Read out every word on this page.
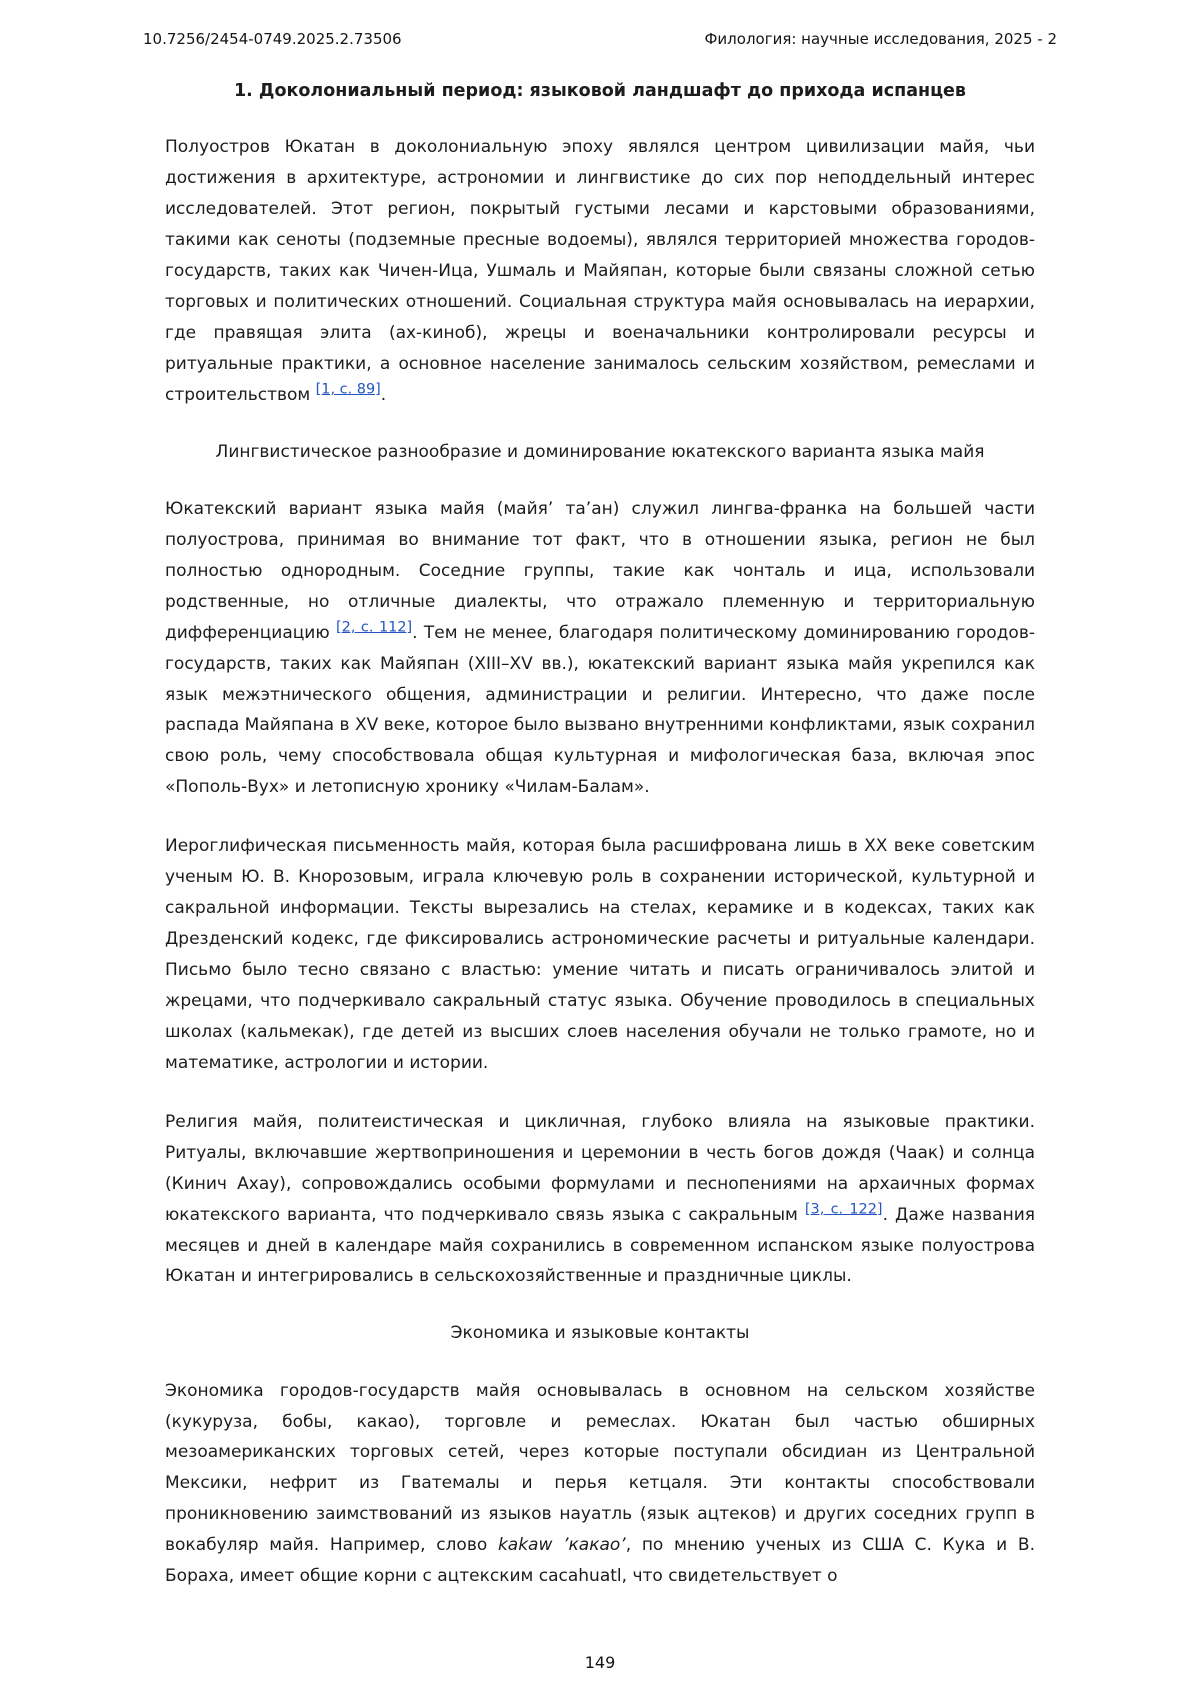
10.7256/2454-0749.2025.2.73506	Филология: научные исследования, 2025 - 2
1. Доколониальный период: языковой ландшафт до прихода испанцев

Полуостров Юкатан в доколониальную эпоху являлся центром цивилизации майя, чьи достижения в архитектуре, астрономии и лингвистике до сих пор неподдельный интерес исследователей. Этот регион, покрытый густыми лесами и карстовыми образованиями, такими как сеноты (подземные пресные водоемы), являлся территорией множества городов-государств, таких как Чичен-Ица, Ушмаль и Майяпан, которые были связаны сложной сетью торговых и политических отношений. Социальная структура майя основывалась на иерархии, где правящая элита (ах-киноб), жрецы и военачальники контролировали ресурсы и ритуальные практики, а основное население занималось сельским хозяйством, ремеслами и строительством [1, с. 89].

Лингвистическое разнообразие и доминирование юкатекского варианта языка майя

Юкатекский вариант языка майя (майя’ та’ан) служил лингва-франка на большей части полуострова, принимая во внимание тот факт, что в отношении языка, регион не был полностью однородным. Соседние группы, такие как чонталь и ица, использовали родственные, но отличные диалекты, что отражало племенную и территориальную дифференциацию [2, с. 112]. Тем не менее, благодаря политическому доминированию городов-государств, таких как Майяпан (XIII–XV вв.), юкатекский вариант языка майя укрепился как язык межэтнического общения, администрации и религии. Интересно, что даже после распада Майяпана в XV веке, которое было вызвано внутренними конфликтами, язык сохранил свою роль, чему способствовала общая культурная и мифологическая база, включая эпос «Пополь-Вух» и летописную хронику «Чилам-Балам».

Иероглифическая письменность майя, которая была расшифрована лишь в XX веке советским ученым Ю. В. Кнорозовым, играла ключевую роль в сохранении исторической, культурной и сакральной информации. Тексты вырезались на стелах, керамике и в кодексах, таких как Дрезденский кодекс, где фиксировались астрономические расчеты и ритуальные календари. Письмо было тесно связано с властью: умение читать и писать ограничивалось элитой и жрецами, что подчеркивало сакральный статус языка. Обучение проводилось в специальных школах (кальмекак), где детей из высших слоев населения обучали не только грамоте, но и математике, астрологии и истории.

Религия майя, политеистическая и цикличная, глубоко влияла на языковые практики. Ритуалы, включавшие жертвоприношения и церемонии в честь богов дождя (Чаак) и солнца (Кинич Ахау), сопровождались особыми формулами и песнопениями на архаичных формах юкатекского варианта, что подчеркивало связь языка с сакральным [3, с. 122]. Даже названия месяцев и дней в календаре майя сохранились в современном испанском языке полуострова Юкатан и интегрировались в сельскохозяйственные и праздничные циклы.

Экономика и языковые контакты

Экономика городов-государств майя основывалась в основном на сельском хозяйстве (кукуруза, бобы, какао), торговле и ремеслах. Юкатан был частью обширных мезоамериканских торговых сетей, через которые поступали обсидиан из Центральной Мексики, нефрит из Гватемалы и перья кетцаля. Эти контакты способствовали проникновению заимствований из языков науатль (язык ацтеков) и других соседних групп в вокабуляр майя. Например, слово kakaw ’какао’, по мнению ученых из США С. Кука и В. Бораха, имеет общие корни с ацтекским cacahuatl, что свидетельствует о

149
